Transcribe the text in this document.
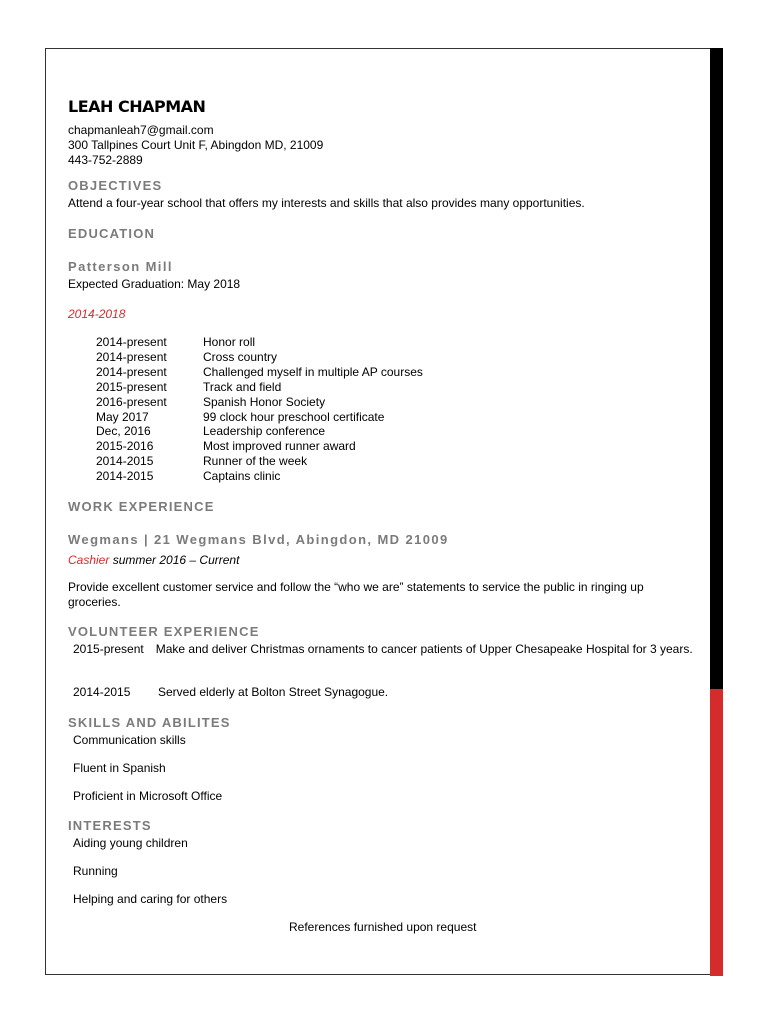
LEAH CHAPMAN
chapmanleah7@gmail.com
300 Tallpines Court Unit F, Abingdon MD, 21009
443-752-2889
OBJECTIVES
Attend a four-year school that offers my interests and skills that also provides many opportunities.
EDUCATION
Patterson Mill
Expected Graduation: May 2018
2014-2018
2014-present	Honor roll
2014-present	Cross country
2014-present	Challenged myself in multiple AP courses
2015-present	Track and field
2016-present	Spanish Honor Society
May 2017	99 clock hour preschool certificate
Dec, 2016	Leadership conference
2015-2016	Most improved runner award
2014-2015	Runner of the week
2014-2015	Captains clinic
WORK EXPERIENCE
Wegmans | 21 Wegmans Blvd, Abingdon, MD 21009
Cashier summer 2016 – Current
Provide excellent customer service and follow the “who we are” statements to service the public in ringing up groceries.
VOLUNTEER EXPERIENCE
2015-present Make and deliver Christmas ornaments to cancer patients of Upper Chesapeake Hospital for 3 years.
2014-2015 Served elderly at Bolton Street Synagogue.
SKILLS AND ABILITES
Communication skills
Fluent in Spanish
Proficient in Microsoft Office
INTERESTS
Aiding young children
Running
Helping and caring for others
References furnished upon request
